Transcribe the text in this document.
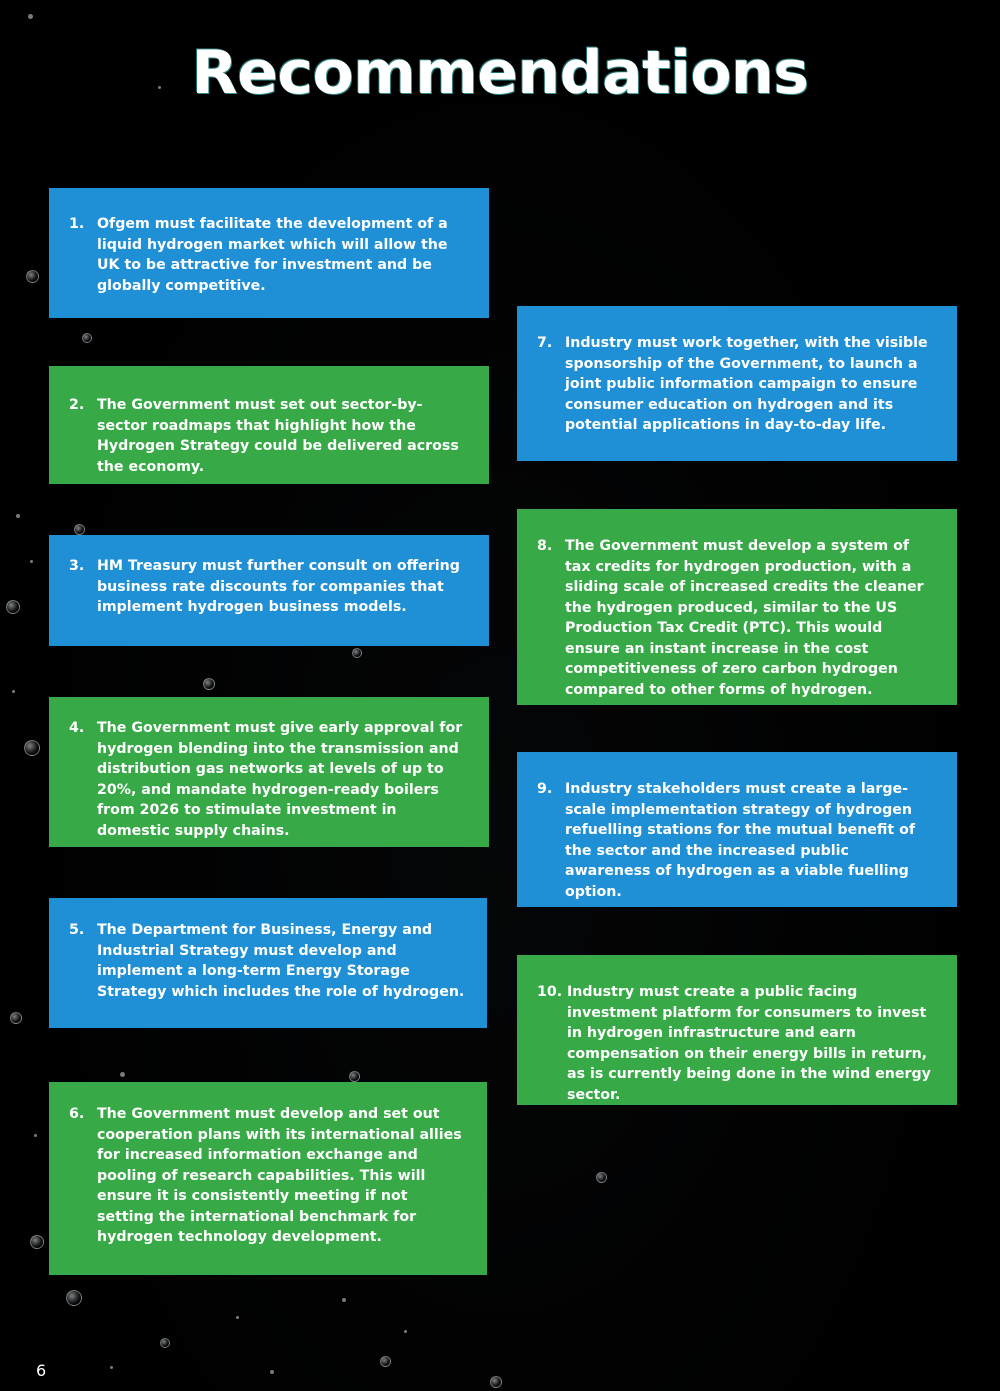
Recommendations
1. Ofgem must facilitate the development of a liquid hydrogen market which will allow the UK to be attractive for investment and be globally competitive.
2. The Government must set out sector-by-sector roadmaps that highlight how the Hydrogen Strategy could be delivered across the economy.
3. HM Treasury must further consult on offering business rate discounts for companies that implement hydrogen business models.
4. The Government must give early approval for hydrogen blending into the transmission and distribution gas networks at levels of up to 20%, and mandate hydrogen-ready boilers from 2026 to stimulate investment in domestic supply chains.
5. The Department for Business, Energy and Industrial Strategy must develop and implement a long-term Energy Storage Strategy which includes the role of hydrogen.
6. The Government must develop and set out cooperation plans with its international allies for increased information exchange and pooling of research capabilities. This will ensure it is consistently meeting if not setting the international benchmark for hydrogen technology development.
7. Industry must work together, with the visible sponsorship of the Government, to launch a joint public information campaign to ensure consumer education on hydrogen and its potential applications in day-to-day life.
8. The Government must develop a system of tax credits for hydrogen production, with a sliding scale of increased credits the cleaner the hydrogen produced, similar to the US Production Tax Credit (PTC). This would ensure an instant increase in the cost competitiveness of zero carbon hydrogen compared to other forms of hydrogen.
9. Industry stakeholders must create a large-scale implementation strategy of hydrogen refuelling stations for the mutual benefit of the sector and the increased public awareness of hydrogen as a viable fuelling option.
10. Industry must create a public facing investment platform for consumers to invest in hydrogen infrastructure and earn compensation on their energy bills in return, as is currently being done in the wind energy sector.
6
